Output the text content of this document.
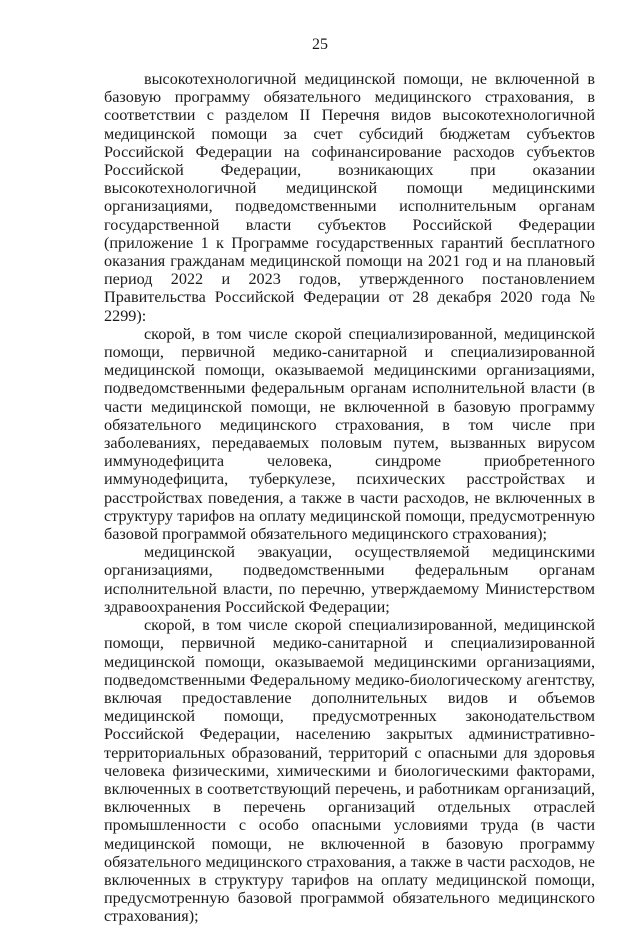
25

высокотехнологичной медицинской помощи, не включенной в базовую программу обязательного медицинского страхования, в соответствии с разделом II Перечня видов высокотехнологичной медицинской помощи за счет субсидий бюджетам субъектов Российской Федерации на софинансирование расходов субъектов Российской Федерации, возникающих при оказании высокотехнологичной медицинской помощи медицинскими организациями, подведомственными исполнительным органам государственной власти субъектов Российской Федерации (приложение 1 к Программе государственных гарантий бесплатного оказания гражданам медицинской помощи на 2021 год и на плановый период 2022 и 2023 годов, утвержденного постановлением Правительства Российской Федерации от 28 декабря 2020 года № 2299):

скорой, в том числе скорой специализированной, медицинской помощи, первичной медико-санитарной и специализированной медицинской помощи, оказываемой медицинскими организациями, подведомственными федеральным органам исполнительной власти (в части медицинской помощи, не включенной в базовую программу обязательного медицинского страхования, в том числе при заболеваниях, передаваемых половым путем, вызванных вирусом иммунодефицита человека, синдроме приобретенного иммунодефицита, туберкулезе, психических расстройствах и расстройствах поведения, а также в части расходов, не включенных в структуру тарифов на оплату медицинской помощи, предусмотренную базовой программой обязательного медицинского страхования);

медицинской эвакуации, осуществляемой медицинскими организациями, подведомственными федеральным органам исполнительной власти, по перечню, утверждаемому Министерством здравоохранения Российской Федерации;

скорой, в том числе скорой специализированной, медицинской помощи, первичной медико-санитарной и специализированной медицинской помощи, оказываемой медицинскими организациями, подведомственными Федеральному медико-биологическому агентству, включая предоставление дополнительных видов и объемов медицинской помощи, предусмотренных законодательством Российской Федерации, населению закрытых административно-территориальных образований, территорий с опасными для здоровья человека физическими, химическими и биологическими факторами, включенных в соответствующий перечень, и работникам организаций, включенных в перечень организаций отдельных отраслей промышленности с особо опасными условиями труда (в части медицинской помощи, не включенной в базовую программу обязательного медицинского страхования, а также в части расходов, не включенных в структуру тарифов на оплату медицинской помощи, предусмотренную базовой программой обязательного медицинского страхования);
